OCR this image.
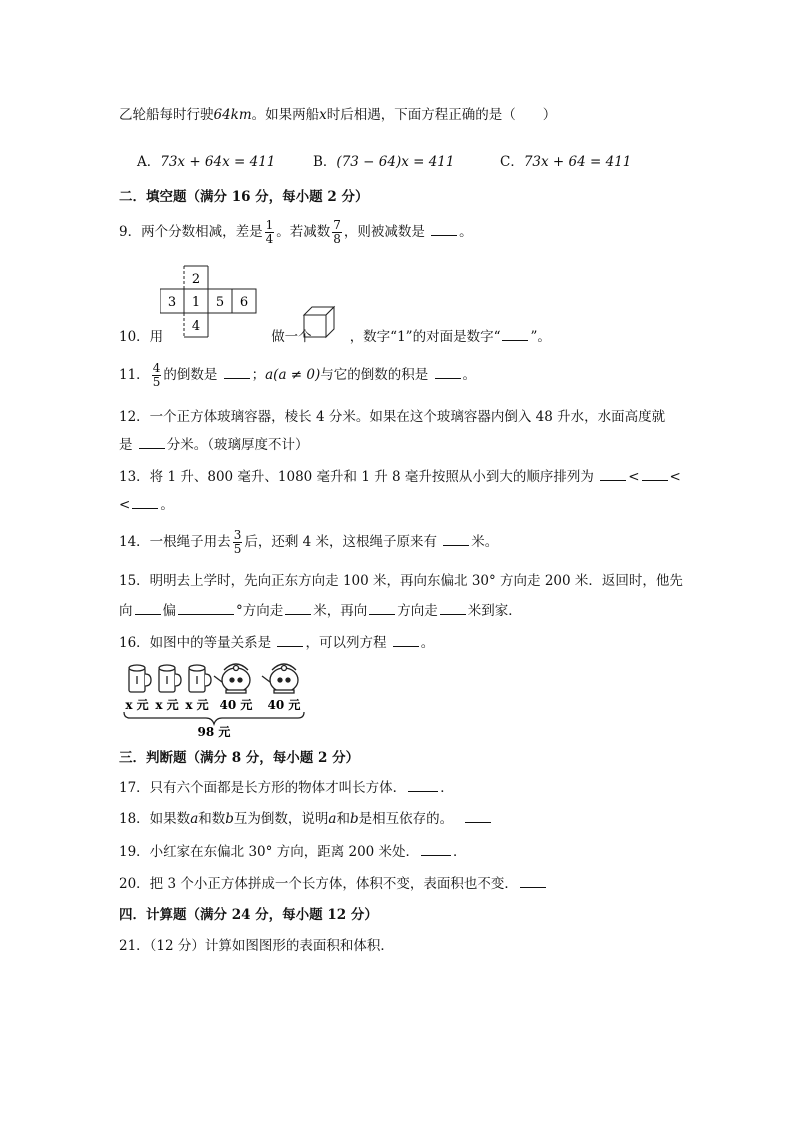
乙轮船每时行驶64km。如果两船x时后相遇，下面方程正确的是（　　）
A．73x + 64x = 411	B．(73 − 64)x = 411	C．73x + 64 = 411
二．填空题（满分 16 分，每小题 2 分）
9．两个分数相减，差是 $\frac{1}{4}$ 。若减数 $\frac{7}{8}$ ，则被减数是 。
2
3 1 5 6
4
10．用	做一个	，数字“1”的对面是数字“ ”。
11． $\frac{4}{5}$ 的倒数是 ；a(a ≠ 0)与它的倒数的积是 。
12．一个正方体玻璃容器，棱长 4 分米。如果在这个玻璃容器内倒入 48 升水，水面高度就
是 分米。（玻璃厚度不计）
13．将 1 升、800 毫升、1080 毫升和 1 升 8 毫升按照从小到大的顺序排列为 < <
< 。
14．一根绳子用去 $\frac{3}{5}$ 后，还剩 4 米，这根绳子原来有 米。
15．明明去上学时，先向正东方向走 100 米，再向东偏北 30° 方向走 200 米．返回时，他先
向 偏	°方向走 米，再向 方向走 米到家．
16．如图中的等量关系是 ，可以列方程 。
x 元 x 元 x 元 40 元 40 元
98 元
三．判断题（满分 8 分，每小题 2 分）
17．只有六个面都是长方形的物体才叫长方体．	．
18．如果数a和数b互为倒数，说明a和b是相互依存的。
19．小红家在东偏北 30° 方向，距离 200 米处．	．
20．把 3 个小正方体拼成一个长方体，体积不变，表面积也不变．
四．计算题（满分 24 分，每小题 12 分）
21．（12 分）计算如图图形的表面积和体积．
